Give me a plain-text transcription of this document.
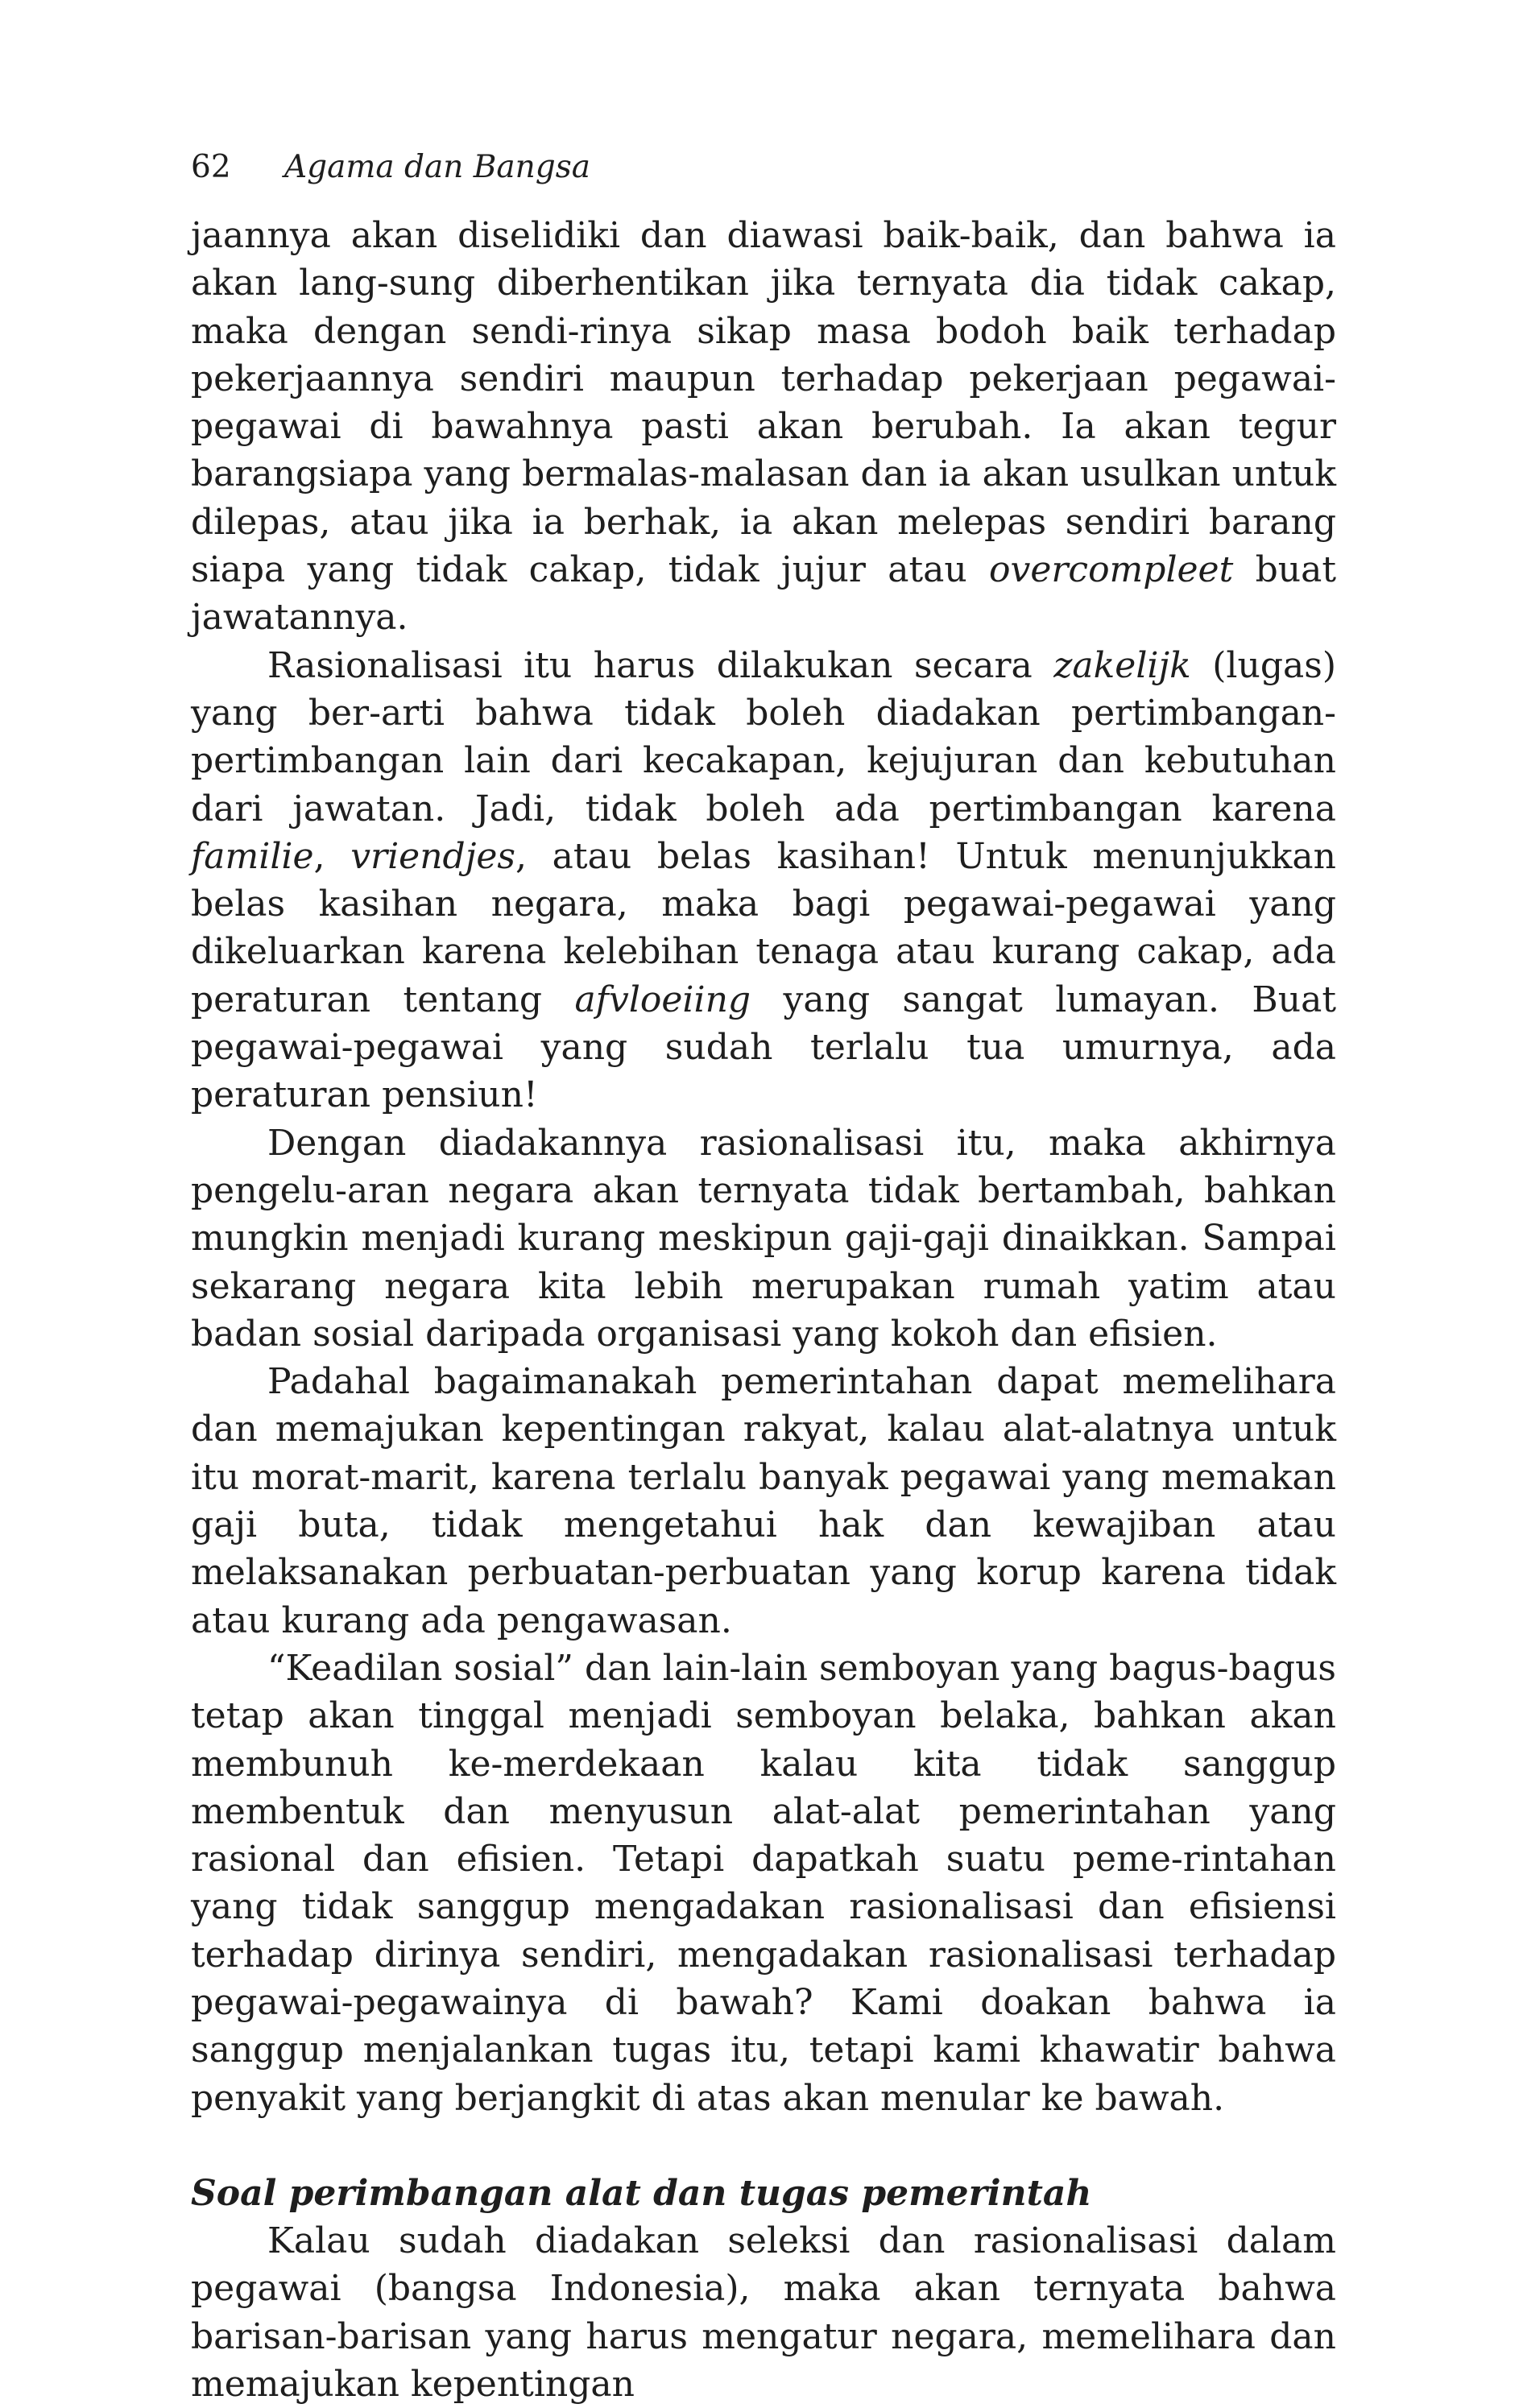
62 Agama dan Bangsa

jaannya akan diselidiki dan diawasi baik-baik, dan bahwa ia akan lang-sung diberhentikan jika ternyata dia tidak cakap, maka dengan sendi-rinya sikap masa bodoh baik terhadap pekerjaannya sendiri maupun terhadap pekerjaan pegawai-pegawai di bawahnya pasti akan berubah. Ia akan tegur barangsiapa yang bermalas-malasan dan ia akan usulkan untuk dilepas, atau jika ia berhak, ia akan melepas sendiri barang siapa yang tidak cakap, tidak jujur atau overcompleet buat jawatannya.

Rasionalisasi itu harus dilakukan secara zakelijk (lugas) yang ber-arti bahwa tidak boleh diadakan pertimbangan-pertimbangan lain dari kecakapan, kejujuran dan kebutuhan dari jawatan. Jadi, tidak boleh ada pertimbangan karena familie, vriendjes, atau belas kasihan! Untuk menunjukkan belas kasihan negara, maka bagi pegawai-pegawai yang dikeluarkan karena kelebihan tenaga atau kurang cakap, ada peraturan tentang afvloeiing yang sangat lumayan. Buat pegawai-pegawai yang sudah terlalu tua umurnya, ada peraturan pensiun!

Dengan diadakannya rasionalisasi itu, maka akhirnya pengelu-aran negara akan ternyata tidak bertambah, bahkan mungkin menjadi kurang meskipun gaji-gaji dinaikkan. Sampai sekarang negara kita lebih merupakan rumah yatim atau badan sosial daripada organisasi yang kokoh dan efisien.

Padahal bagaimanakah pemerintahan dapat memelihara dan memajukan kepentingan rakyat, kalau alat-alatnya untuk itu morat-marit, karena terlalu banyak pegawai yang memakan gaji buta, tidak mengetahui hak dan kewajiban atau melaksanakan perbuatan-perbuatan yang korup karena tidak atau kurang ada pengawasan.

“Keadilan sosial” dan lain-lain semboyan yang bagus-bagus tetap akan tinggal menjadi semboyan belaka, bahkan akan membunuh ke-merdekaan kalau kita tidak sanggup membentuk dan menyusun alat-alat pemerintahan yang rasional dan efisien. Tetapi dapatkah suatu peme-rintahan yang tidak sanggup mengadakan rasionalisasi dan efisiensi terhadap dirinya sendiri, mengadakan rasionalisasi terhadap pegawai-pegawainya di bawah? Kami doakan bahwa ia sanggup menjalankan tugas itu, tetapi kami khawatir bahwa penyakit yang berjangkit di atas akan menular ke bawah.

Soal perimbangan alat dan tugas pemerintah

Kalau sudah diadakan seleksi dan rasionalisasi dalam pegawai (bangsa Indonesia), maka akan ternyata bahwa barisan-barisan yang harus mengatur negara, memelihara dan memajukan kepentingan
